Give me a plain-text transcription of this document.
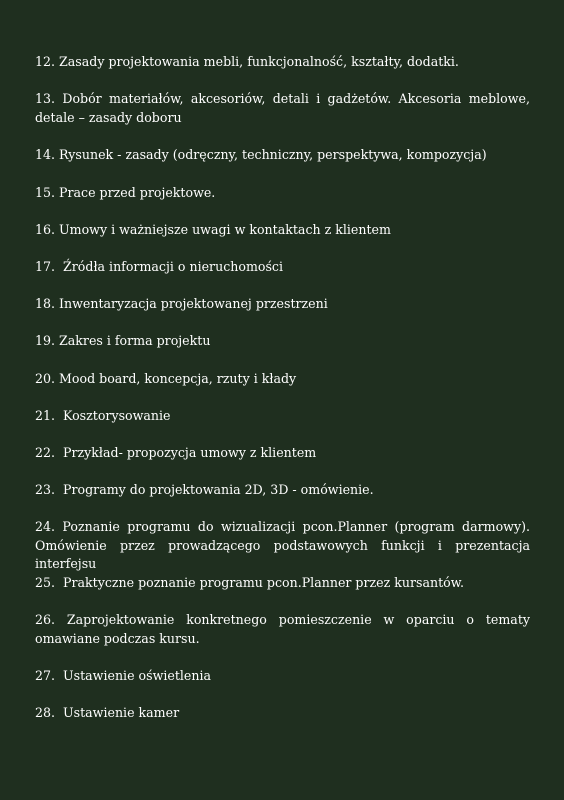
12. Zasady projektowania mebli, funkcjonalność, kształty, dodatki.
13. Dobór materiałów, akcesoriów, detali i gadżetów. Akcesoria meblowe, detale – zasady doboru
14. Rysunek - zasady (odręczny, techniczny, perspektywa, kompozycja)
15. Prace przed projektowe.
16. Umowy i ważniejsze uwagi w kontaktach z klientem
17.  Źródła informacji o nieruchomości
18. Inwentaryzacja projektowanej przestrzeni
19. Zakres i forma projektu
20. Mood board, koncepcja, rzuty i kłady
21.  Kosztorysowanie
22.  Przykład- propozycja umowy z klientem
23.  Programy do projektowania 2D, 3D - omówienie.
24. Poznanie programu do wizualizacji pcon.Planner (program darmowy). Omówienie przez prowadzącego podstawowych funkcji i prezentacja interfejsu
25.  Praktyczne poznanie programu pcon.Planner przez kursantów.
26. Zaprojektowanie konkretnego pomieszczenie w oparciu o tematy omawiane podczas kursu.
27.  Ustawienie oświetlenia
28.  Ustawienie kamer
